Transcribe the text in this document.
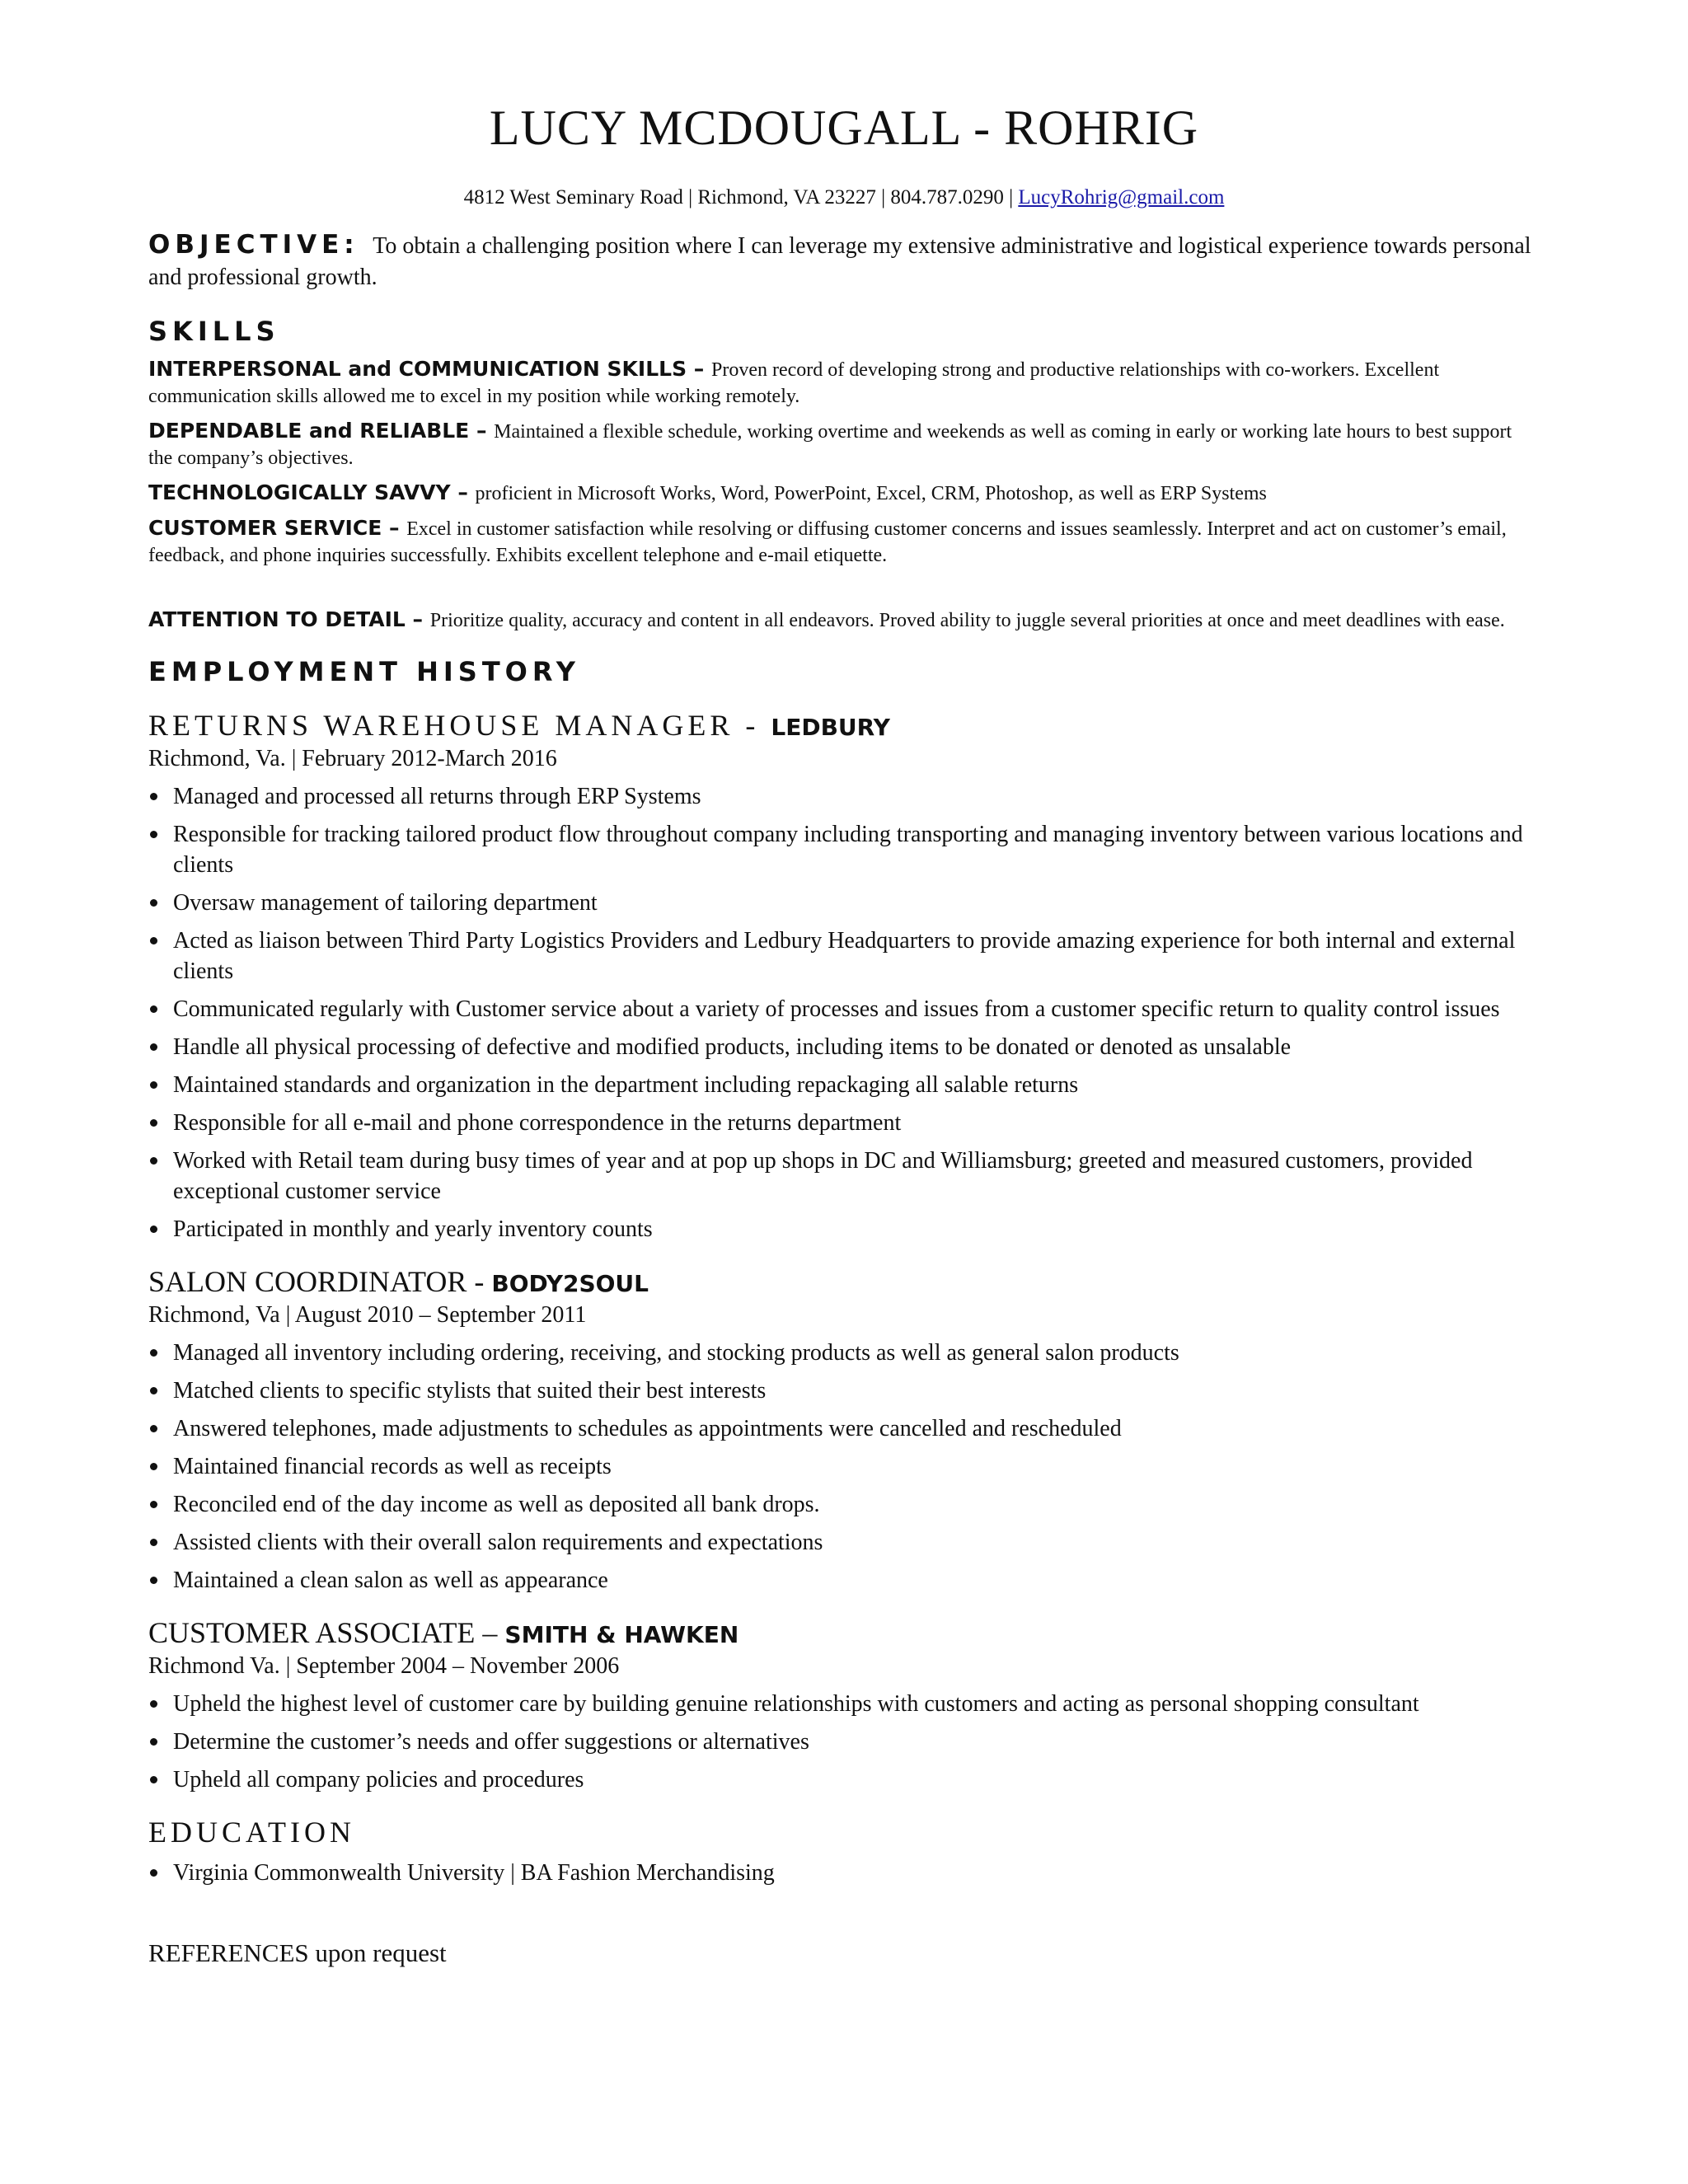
LUCY MCDOUGALL - ROHRIG
4812 West Seminary Road | Richmond, VA 23227 | 804.787.0290 | LucyRohrig@gmail.com
OBJECTIVE: To obtain a challenging position where I can leverage my extensive administrative and logistical experience towards personal and professional growth.
SKILLS
INTERPERSONAL and COMMUNICATION SKILLS – Proven record of developing strong and productive relationships with co-workers. Excellent communication skills allowed me to excel in my position while working remotely.
DEPENDABLE and RELIABLE – Maintained a flexible schedule, working overtime and weekends as well as coming in early or working late hours to best support the company’s objectives.
TECHNOLOGICALLY SAVVY – proficient in Microsoft Works, Word, PowerPoint, Excel, CRM, Photoshop, as well as ERP Systems
CUSTOMER SERVICE – Excel in customer satisfaction while resolving or diffusing customer concerns and issues seamlessly. Interpret and act on customer’s email, feedback, and phone inquiries successfully. Exhibits excellent telephone and e-mail etiquette.
ATTENTION TO DETAIL – Prioritize quality, accuracy and content in all endeavors. Proved ability to juggle several priorities at once and meet deadlines with ease.
EMPLOYMENT HISTORY
RETURNS WAREHOUSE MANAGER - LEDBURY
Richmond, Va. | February 2012-March 2016
Managed and processed all returns through ERP Systems
Responsible for tracking tailored product flow throughout company including transporting and managing inventory between various locations and clients
Oversaw management of tailoring department
Acted as liaison between Third Party Logistics Providers and Ledbury Headquarters to provide amazing experience for both internal and external clients
Communicated regularly with Customer service about a variety of processes and issues from a customer specific return to quality control issues
Handle all physical processing of defective and modified products, including items to be donated or denoted as unsalable
Maintained standards and organization in the department including repackaging all salable returns
Responsible for all e-mail and phone correspondence in the returns department
Worked with Retail team during busy times of year and at pop up shops in DC and Williamsburg; greeted and measured customers, provided exceptional customer service
Participated in monthly and yearly inventory counts
SALON COORDINATOR - BODY2SOUL
Richmond, Va | August 2010 – September 2011
Managed all inventory including ordering, receiving, and stocking products as well as general salon products
Matched clients to specific stylists that suited their best interests
Answered telephones, made adjustments to schedules as appointments were cancelled and rescheduled
Maintained financial records as well as receipts
Reconciled end of the day income as well as deposited all bank drops.
Assisted clients with their overall salon requirements and expectations
Maintained a clean salon as well as appearance
CUSTOMER ASSOCIATE – SMITH & HAWKEN
Richmond Va. | September 2004 – November 2006
Upheld the highest level of customer care by building genuine relationships with customers and acting as personal shopping consultant
Determine the customer’s needs and offer suggestions or alternatives
Upheld all company policies and procedures
EDUCATION
Virginia Commonwealth University | BA Fashion Merchandising
REFERENCES upon request
